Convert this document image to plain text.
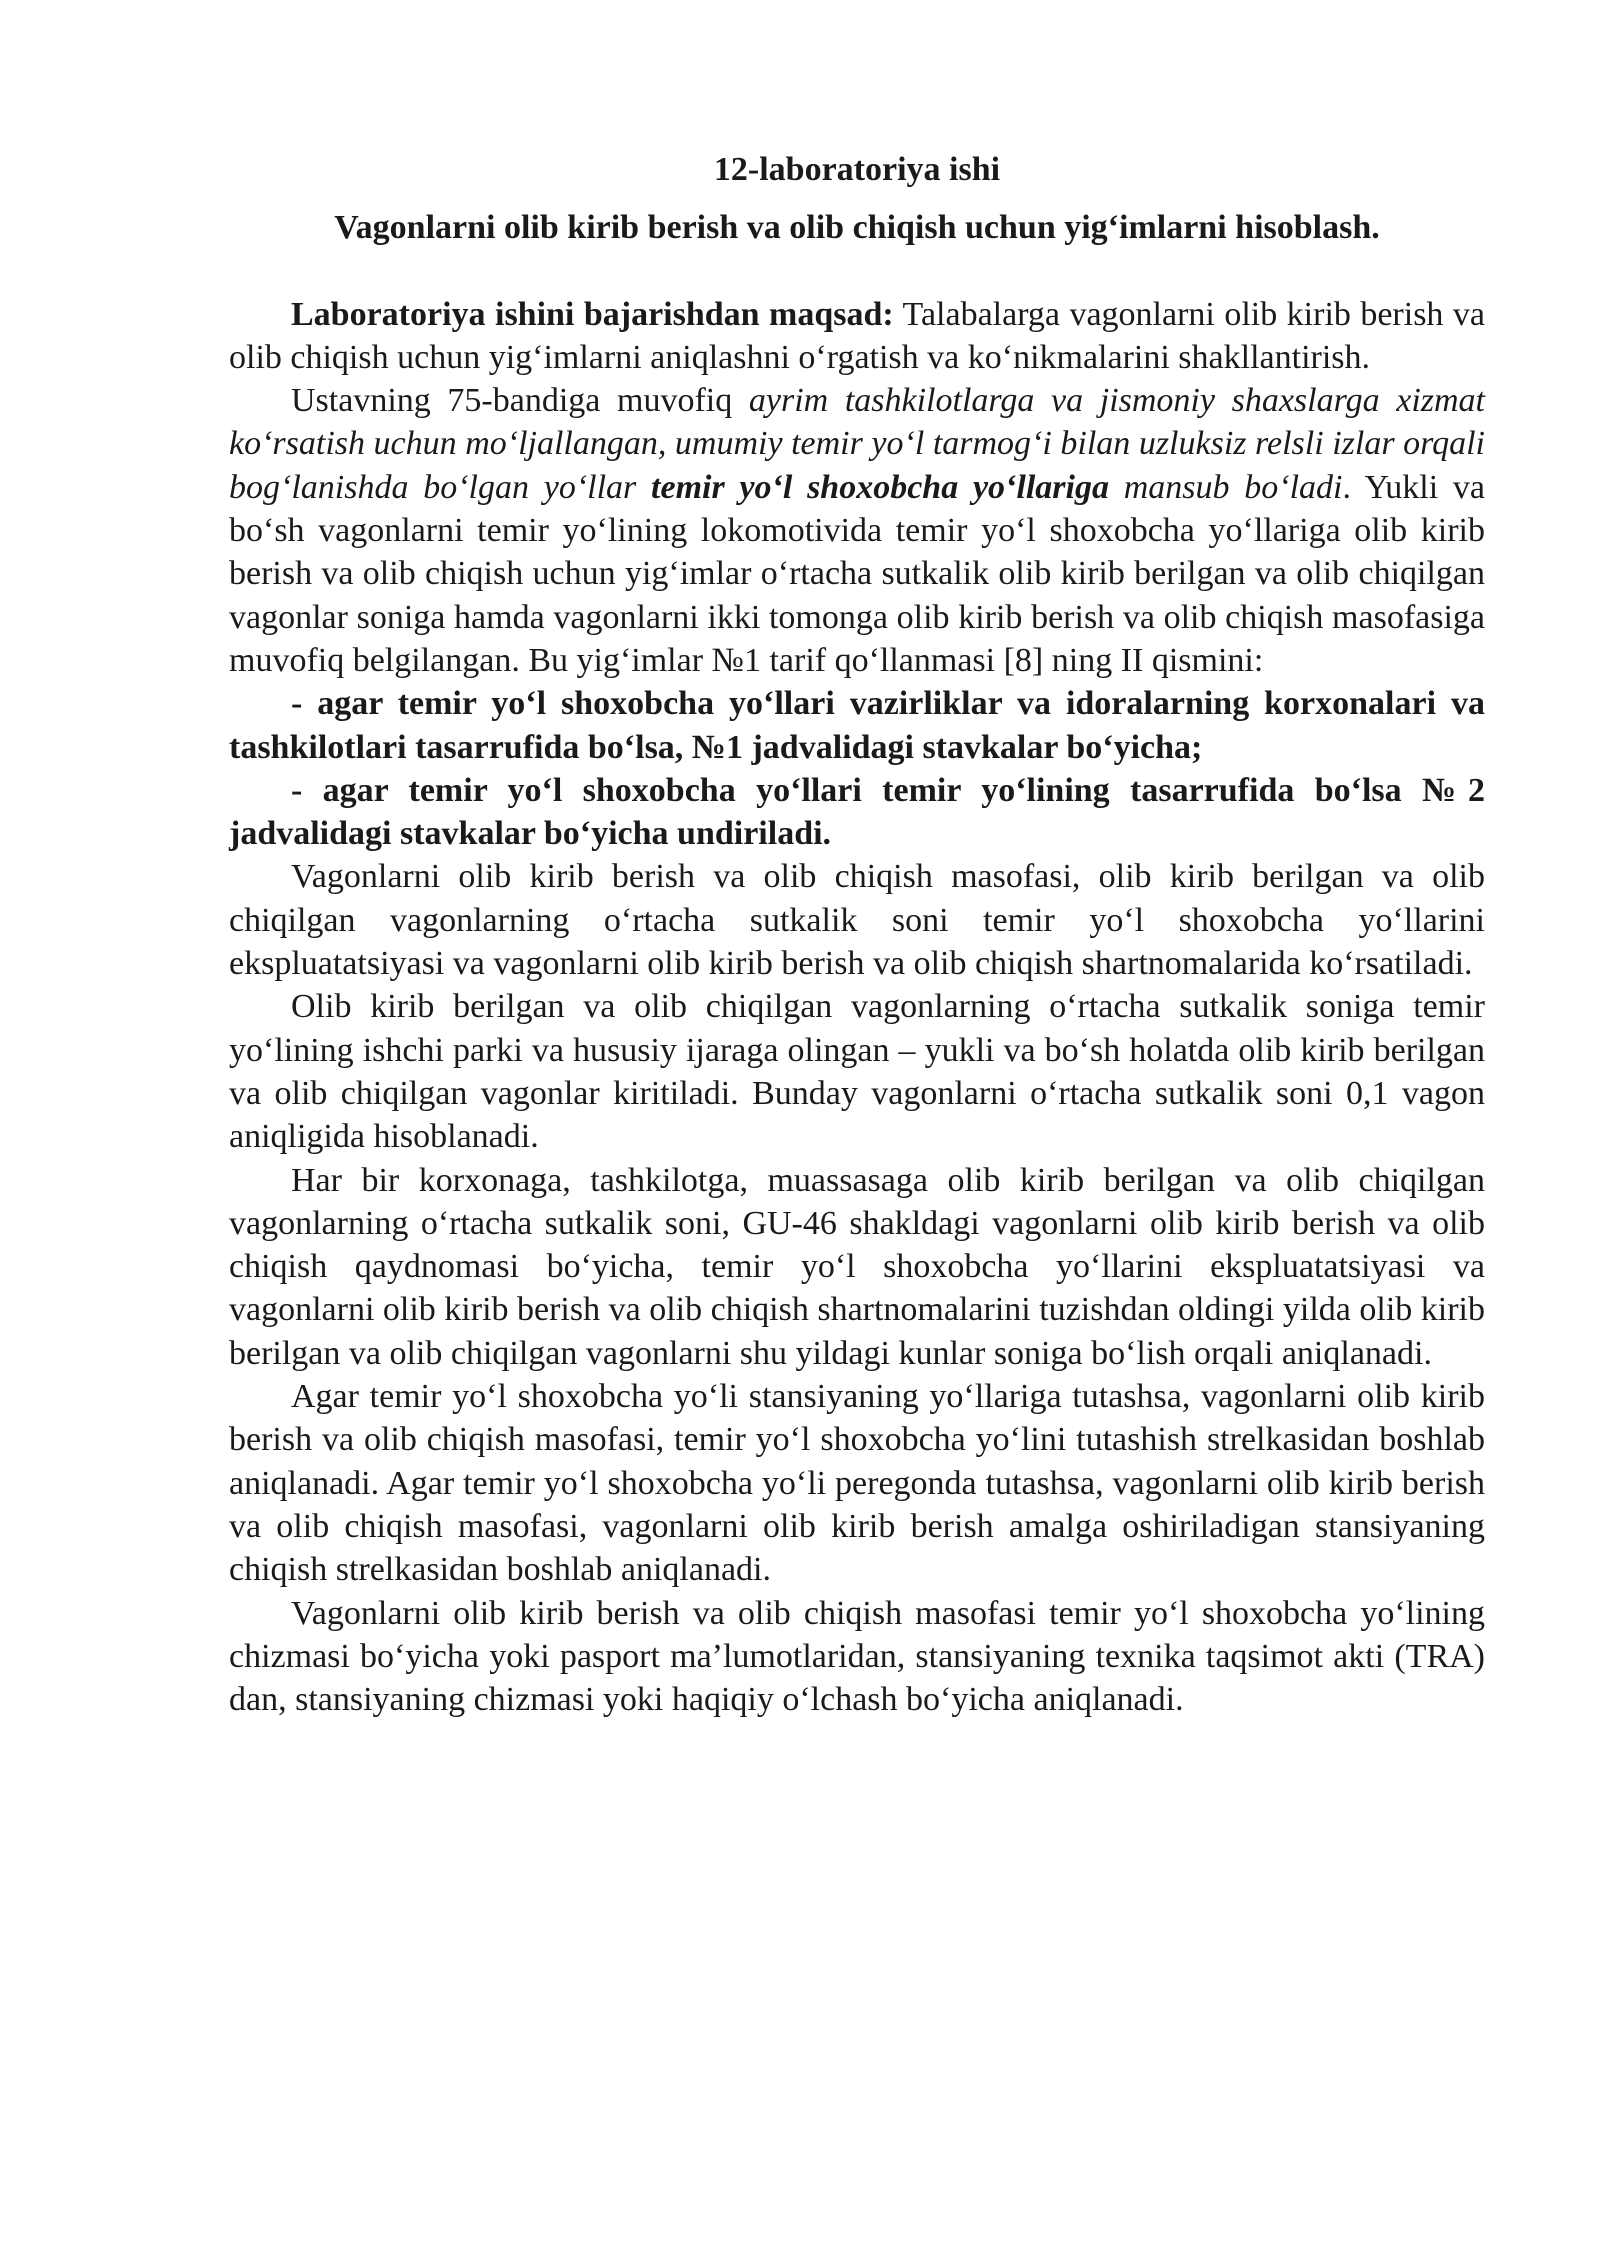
12-laboratoriya ishi

Vagonlarni olib kirib berish va olib chiqish uchun yig‘imlarni hisoblash.

Laboratoriya ishini bajarishdan maqsad: Talabalarga vagonlarni olib kirib berish va olib chiqish uchun yig‘imlarni aniqlashni o‘rgatish va ko‘nikmalarini shakllantirish.

Ustavning 75-bandiga muvofiq ayrim tashkilotlarga va jismoniy shaxslarga xizmat ko‘rsatish uchun mo‘ljallangan, umumiy temir yo‘l tarmog‘i bilan uzluksiz relsli izlar orqali bog‘lanishda bo‘lgan yo‘llar temir yo‘l shoxobcha yo‘llariga mansub bo‘ladi. Yukli va bo‘sh vagonlarni temir yo‘lining lokomotivida temir yo‘l shoxobcha yo‘llariga olib kirib berish va olib chiqish uchun yig‘imlar o‘rtacha sutkalik olib kirib berilgan va olib chiqilgan vagonlar soniga hamda vagonlarni ikki tomonga olib kirib berish va olib chiqish masofasiga muvofiq belgilangan. Bu yig‘imlar №1 tarif qo‘llanmasi [8] ning II qismini:

- agar temir yo‘l shoxobcha yo‘llari vazirliklar va idoralarning korxonalari va tashkilotlari tasarrufida bo‘lsa, №1 jadvalidagi stavkalar bo‘yicha;

- agar temir yo‘l shoxobcha yo‘llari temir yo‘lining tasarrufida bo‘lsa №2 jadvalidagi stavkalar bo‘yicha undiriladi.

Vagonlarni olib kirib berish va olib chiqish masofasi, olib kirib berilgan va olib chiqilgan vagonlarning o‘rtacha sutkalik soni temir yo‘l shoxobcha yo‘llarini ekspluatatsiyasi va vagonlarni olib kirib berish va olib chiqish shartnomalarida ko‘rsatiladi.

Olib kirib berilgan va olib chiqilgan vagonlarning o‘rtacha sutkalik soniga temir yo‘lining ishchi parki va hususiy ijaraga olingan – yukli va bo‘sh holatda olib kirib berilgan va olib chiqilgan vagonlar kiritiladi. Bunday vagonlarni o‘rtacha sutkalik soni 0,1 vagon aniqligida hisoblanadi.

Har bir korxonaga, tashkilotga, muassasaga olib kirib berilgan va olib chiqilgan vagonlarning o‘rtacha sutkalik soni, GU-46 shakldagi vagonlarni olib kirib berish va olib chiqish qaydnomasi bo‘yicha, temir yo‘l shoxobcha yo‘llarini ekspluatatsiyasi va vagonlarni olib kirib berish va olib chiqish shartnomalarini tuzishdan oldingi yilda olib kirib berilgan va olib chiqilgan vagonlarni shu yildagi kunlar soniga bo‘lish orqali aniqlanadi.

Agar temir yo‘l shoxobcha yo‘li stansiyaning yo‘llariga tutashsa, vagonlarni olib kirib berish va olib chiqish masofasi, temir yo‘l shoxobcha yo‘lini tutashish strelkasidan boshlab aniqlanadi. Agar temir yo‘l shoxobcha yo‘li peregonda tutashsa, vagonlarni olib kirib berish va olib chiqish masofasi, vagonlarni olib kirib berish amalga oshiriladigan stansiyaning chiqish strelkasidan boshlab aniqlanadi.

Vagonlarni olib kirib berish va olib chiqish masofasi temir yo‘l shoxobcha yo‘lining chizmasi bo‘yicha yoki pasport ma’lumotlaridan, stansiyaning texnika taqsimot akti (TRA) dan, stansiyaning chizmasi yoki haqiqiy o‘lchash bo‘yicha aniqlanadi.
